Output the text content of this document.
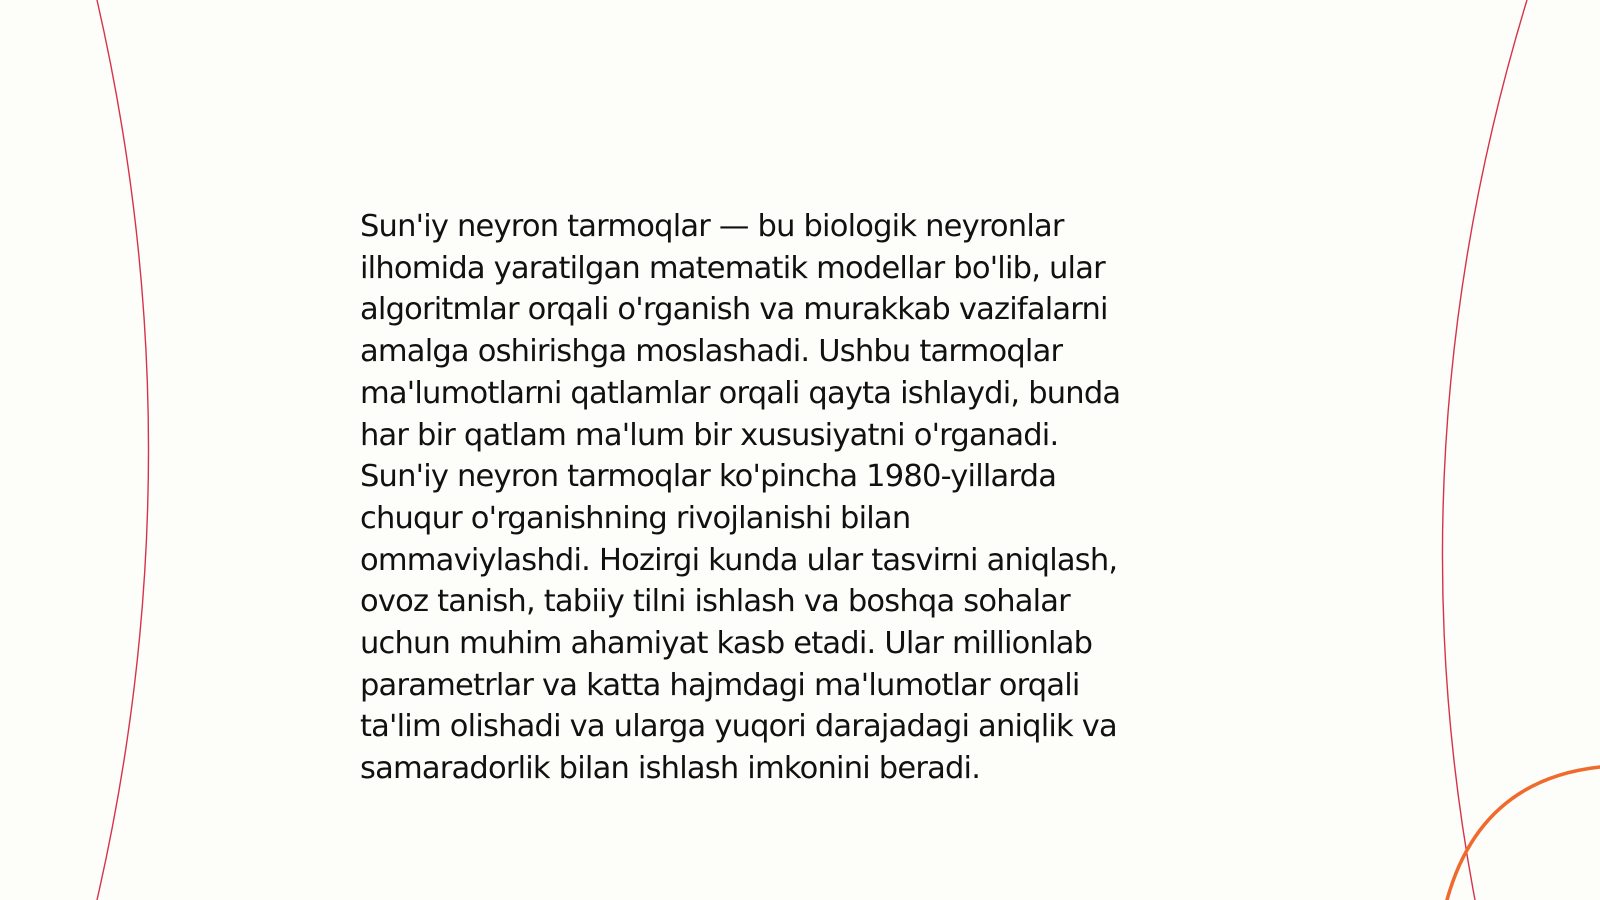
Sun'iy neyron tarmoqlar — bu biologik neyronlar
ilhomida yaratilgan matematik modellar bo'lib, ular
algoritmlar orqali o'rganish va murakkab vazifalarni
amalga oshirishga moslashadi. Ushbu tarmoqlar
ma'lumotlarni qatlamlar orqali qayta ishlaydi, bunda
har bir qatlam ma'lum bir xususiyatni o'rganadi.
Sun'iy neyron tarmoqlar ko'pincha 1980-yillarda
chuqur o'rganishning rivojlanishi bilan
ommaviylashdi. Hozirgi kunda ular tasvirni aniqlash,
ovoz tanish, tabiiy tilni ishlash va boshqa sohalar
uchun muhim ahamiyat kasb etadi. Ular millionlab
parametrlar va katta hajmdagi ma'lumotlar orqali
ta'lim olishadi va ularga yuqori darajadagi aniqlik va
samaradorlik bilan ishlash imkonini beradi.
